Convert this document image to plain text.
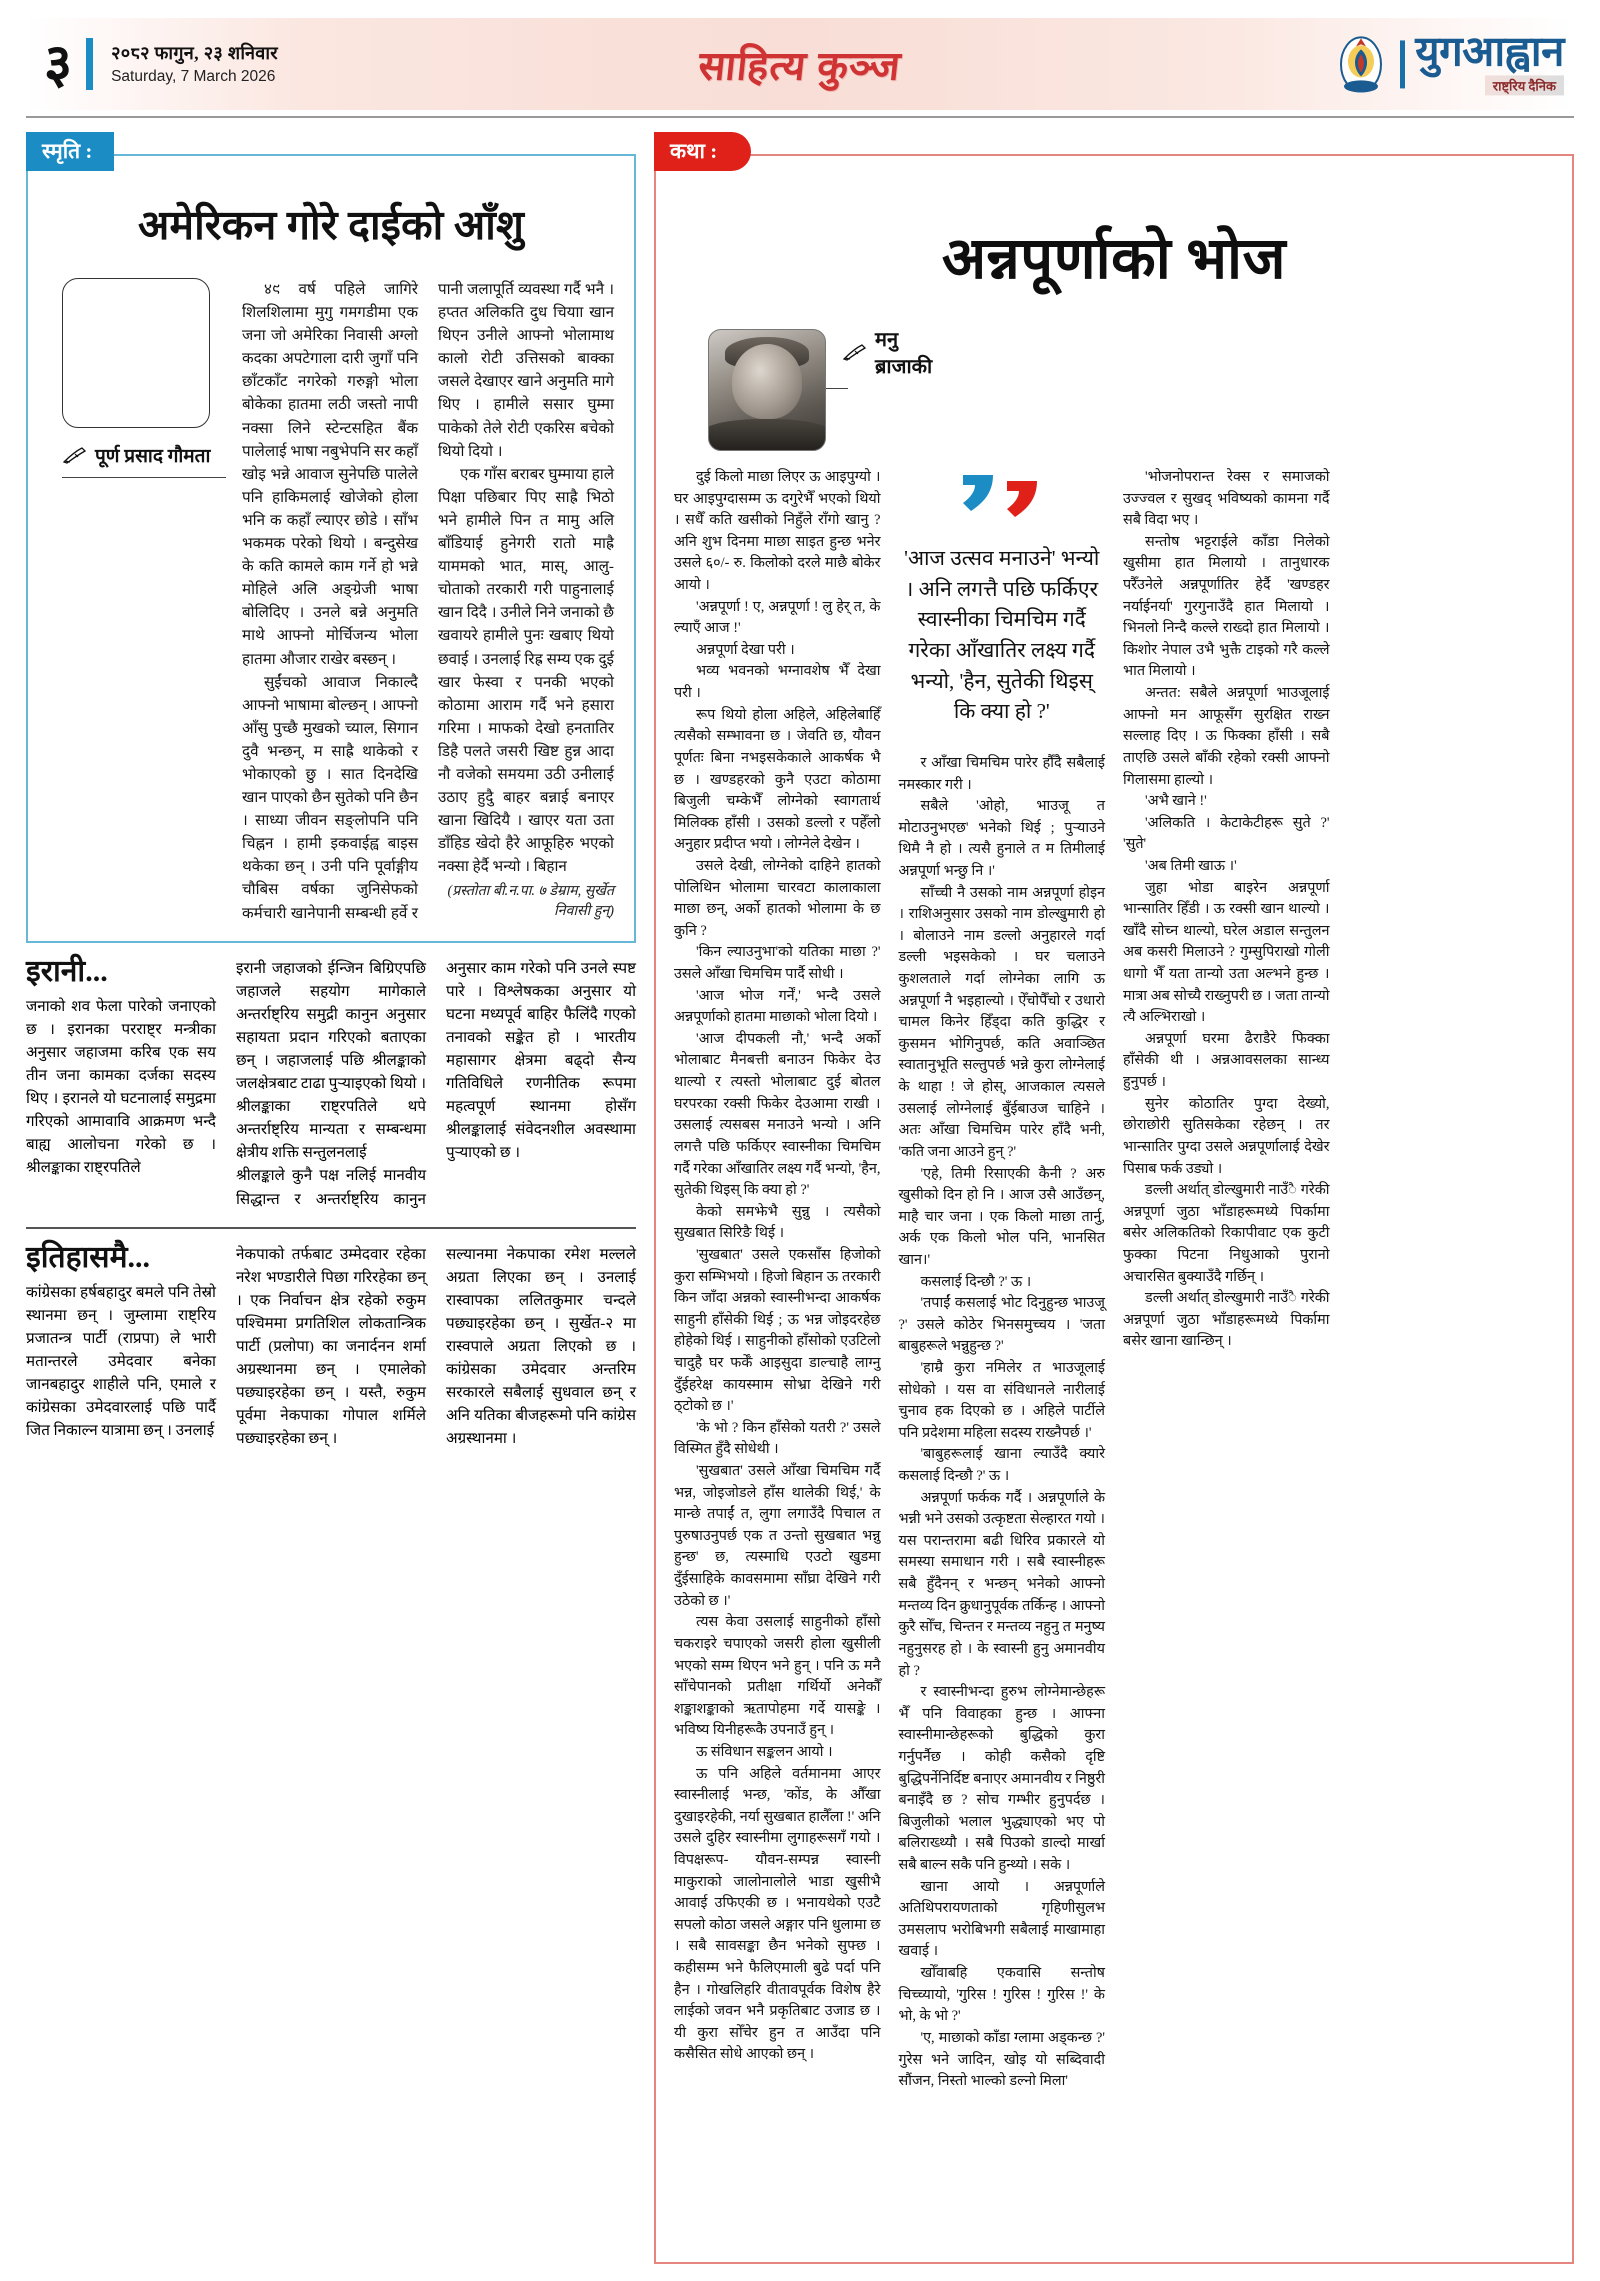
३ २०८२ फागुन, २३ शनिवार
Saturday, 7 March 2026	साहित्य कुञ्ज	युगआह्वान
राष्ट्रिय दैनिक
स्मृति :
अमेरिकन गोरे दाईको आँशु
पूर्ण प्रसाद गौमता

४९ वर्ष पहिले जागिरे शिलशिलामा मुगु गमगडीमा एक जना जो अमेरिका निवासी अग्लो कदका अपटेगाला दारी जुगाँ पनि छाँटकाँट नगरेको गरुङ्गो भोला बोकेका हातमा लठी जस्तो नापी नक्सा लिने स्टेन्टसहित बैंक पालेलाई भाषा नबुभेपनि सर कहाँ खोइ भन्ने आवाज सुनेपछि पालेले पनि हाकिमलाई खोजेको होला भनि क कहाँ ल्याएर छोडे । साँभ भकमक परेको थियो । बन्दुसेख के कति कामले काम गर्ने हो भन्ने मोहिले अलि अङ्ग्रेजी भाषा बोलिदिए । उनले बन्ने अनुमति माथे आफ्नो मोर्चिजन्य भोला हातमा औजार राखेर बस्छन् ।

सुईंचको आवाज निकाल्दै आफ्नो भाषामा बोल्छन् । आफ्नो आँसु पुच्छै मुखको च्याल, सिगान दुवै भन्छन्, म साह्रै थाकेको र भोकाएको छु । सात दिनदेखि खान पाएको छैन सुतेको पनि छैन । साध्या जीवन सङ्लोपनि पनि चिह्नन । हामी इकवाईह्व बाइस थकेका छन् । उनी पनि पूर्वाङ्गीय चौबिस वर्षका जुनिसेफको कर्मचारी खानेपानी सम्बन्धी हर्वे र पानी जलापूर्ति व्यवस्था गर्दै भनै । हप्तत अलिकति दुध चियाा खान थिएन उनीले आफ्नो भोलामाथ कालो रोटी उत्तिसको बाक्का जसले देखाएर खाने अनुमति मागे थिए । हामीले ससार घुम्मा पाकेको तेले रोटी एकरिस बचेको थियो दियो ।

एक गाँस बराबर घुम्माया हाले पिक्षा पछिबार पिए साह्रै भिठो भने हामीले पिन त मामु अलि बाँडियाई हुनेगरी रातो माह्रै याममको भात, मास्, आलु-चोताको तरकारी गरी पाहुनालाई खान दिदै । उनीले निने जनाको छै खवायरे हामीले पुनः खबाए थियो छवाई । उनलाई रिह्र सम्य एक दुई खार फेस्वा र पनकी भएको कोठामा आराम गर्दै भने हसारा गरिमा । माफको देखो हनतातिर डिहै पलते जसरी खिष्ट हुन्न आदा नौ वजेको समयमा उठी उनीलाई उठाए हुदुै बाहर बन्नाई बनाएर खाना खिदियै । खाएर यता उता डाँहिड खेदो हैरे आफूहिरु भएको नक्सा हेर्दै भन्यो । बिहान

(प्रस्तोता बी.न.पा. ७ डेम्राम, सुर्खेत निवासी हुन्)

इरानी...

जनाको शव फेला पारेको जनाएको छ । इरानका परराष्ट्र मन्त्रीका अनुसार जहाजमा करिब एक सय तीन जना कामका दर्जका सदस्य थिए । इरानले यो घटनालाई समुद्रमा गरिएको आमावावि आक्रमण भन्दै बाह्य आलोचना गरेको छ । श्रीलङ्काका राष्ट्रपतिले

इरानी जहाजको ईन्जिन बिग्रिएपछि जहाजले सहयोग मागेकाले अन्तर्राष्ट्रिय समुद्री कानुन अनुसार सहायता प्रदान गरिएको बताएका छन् । जहाजलाई पछि श्रीलङ्काको जलक्षेत्रबाट टाढा पुर्‍याइएको थियो । श्रीलङ्काका राष्ट्रपतिले थपे अन्तर्राष्ट्रिय मान्यता र सम्बन्धमा क्षेत्रीय शक्ति सन्तुलनलाई

श्रीलङ्काले कुनै पक्ष नलिई मानवीय सिद्धान्त र अन्तर्राष्ट्रिय कानुन अनुसार काम गरेको पनि उनले स्पष्ट पारे । विश्लेषकका अनुसार यो घटना मध्यपूर्व बाहिर फैलिंदै गएको तनावको सङ्केत हो । भारतीय महासागर क्षेत्रमा बढ्दो सैन्य गतिविधिले रणनीतिक रूपमा महत्वपूर्ण स्थानमा होसँग श्रीलङ्कालाई संवेदनशील अवस्थामा पुर्‍याएको छ ।

इतिहासमै...

कांग्रेसका हर्षबहादुर बमले पनि तेस्रो स्थानमा छन् । जुम्लामा राष्ट्रिय प्रजातन्त्र पार्टी (राप्रपा) ले भारी मतान्तरले उमेदवार बनेका जानबहादुर शाहीले पनि, एमाले र कांग्रेसका उमेदवारलाई पछि पार्दै जित निकाल्न यात्रामा छन् । उनलाई

नेकपाको तर्फबाट उम्मेदवार रहेका नरेश भण्डारीले पिछा गरिरहेका छन् । एक निर्वाचन क्षेत्र रहेको रुकुम पश्चिममा प्रगतिशिल लोकतान्त्रिक पार्टी (प्रलोपा) का जनार्दनन शर्मा अग्रस्थानमा छन् । एमालेको पछ्याइरहेका छन् । यस्तै, रुकुम पूर्वमा नेकपाका गोपाल शर्मिले पछ्याइरहेका छन् ।

सल्यानमा नेकपाका रमेश मल्लले अग्रता लिएका छन् । उनलाई रास्वापका ललितकुमार चन्दले पछ्याइरहेका छन् । सुर्खेत-२ मा रास्वपाले अग्रता लिएको छ । कांग्रेसका उमेदवार अन्तरिम सरकारले सबैलाई सुधवाल छन् र अनि यतिका बीजहरूमो पनि कांग्रेस अग्रस्थानमा ।

कथा :
अन्नपूर्णाको भोज
मनु ब्राजाकी

दुई किलो माछा लिएर ऊ आइपुग्यो । घर आइपुग्दासम्म ऊ दगुरेभैँ भएको थियो । सधैँ कति खसीको निहुँले राँगो खानु ? अनि शुभ दिनमा माछा साइत हुन्छ भनेर उसले ६०/- रु. किलोको दरले माछै बोकेर आयो ।

'अन्नपूर्णा ! ए, अन्नपूर्णा ! लु हेर् त, के ल्याएँ आज !'

अन्नपूर्णा देखा परी ।

भव्य भवनको भग्नावशेष भैँ देखा परी ।

रूप थियो होला अहिले, अहिलेबाहिँ त्यसैको सम्भावना छ । जेवति छ, यौवन पूर्णतः बिना नभइसकेकाले आकर्षक भै छ । खण्डहरको कुनै एउटा कोठामा बिजुली चम्केभैँ लोग्नेको स्वागतार्थ मिलिक्क हाँसी । उसको डल्लो र पहेँलो अनुहार प्रदीप्त भयो । लोग्नेले देखेन ।

उसले देखी, लोग्नेको दाहिने हातको पोलिथिन भोलामा चारवटा कालाकाला माछा छन्, अर्को हातको भोलामा के छ कुनि ?

'किन ल्याउनुभा'को यतिका माछा ?' उसले आँखा चिमचिम पार्दै सोधी ।

'आज भोज गर्नें,' भन्दै उसले अन्नपूर्णाको हातमा माछाको भोला दियो ।

'आज दीपकली नौ,' भन्दै अर्को भोलाबाट मैनबत्ती बनाउन फिकेर देउ थाल्यो र त्यस्तो भोलाबाट दुई बोतल घरपरका रक्सी फिकेर देउआमा राखी । उसलाई त्यसबस मनाउने भन्यो । अनि लगत्तै पछि फर्किएर स्वास्नीका चिमचिम गर्दै गरेका आँखातिर लक्ष्य गर्दै भन्यो, 'हैन, सुतेकी थिइस् कि क्या हो ?'

केको समझेभै सुन्नु । त्यसैको सुखबात सिरिङै थिई ।

'सुखबात' उसले एकसाँस हिजोको कुरा सम्भिभयो । हिजो बिहान ऊ तरकारी किन जाँदा अन्नको स्वास्नीभन्दा आकर्षक साहुनी हाँसेकी थिई ; ऊ भन्न जोइदरहेछ होहेको थिई । साहुनीको हाँसोको एउटिलो चादुहै घर फर्केँ आइसुदा डाल्चाहै लाग्नु दुँईहरेक्ष कायस्माम सोभ्रा देखिने गरी ठ्टोको छ ।'

'के भो ? किन हाँसेको यतरी ?' उसले विस्मित हुँदै सोधेथी ।

'सुखबात' उसले आँखा चिमचिम गर्दै भन्न, जोइजोडले हाँस थालेकी थिई,' के मान्छे तपाईं त, लुगा लगाउँदै पिचाल त पुरुषाउनुपर्छ एक त उन्तो सुखबात भन्नु हुन्छ' छ, त्यस्माधि एउटो खुडमा दुँईसाहिके कावसमामा साँघ्रा देखिने गरी उठेको छ ।'

त्यस केवा उसलाई साहुनीको हाँसो चकराइरे चपाएको जसरी होला खुसीली भएको सम्म थिएन भने हुन् । पनि ऊ मनै साँचेपानको प्रतीक्षा गर्थिर्यो अनेकौँ शङ्काशङ्काको ऋतापोहमा गर्दे यासङ्के । भविष्य यिनीहरूकै उपनाउँ हुन् ।

ऊ संविधान सङ्कलन आयो ।

ऊ पनि अहिले वर्तमानमा आएर स्वास्नीलाई भन्छ, 'कोंड, के औँखा दुखाइरहेकी, नर्या सुखबात हालैँला !' अनि उसले दुहिर स्वास्नीमा लुगाहरूसगँ गयो । विपक्षरूप- यौवन-सम्पन्न स्वास्नी माकुराको जालोनालोले भाडा खुसीभै आवाई उफिएकी छ । भनायथेको एउटै सपलो कोठा जसले अङ्गार पनि धुलामा छ । सबै सावसङ्का छैन भनेको सुफ्छ । कहीसम्म भने फैलिएमाली बुढे पर्दा पनि हैन । गोखलिहरि वीतावपूर्वक विशेष हैरे लाईको जवन भनै प्रकृतिबाट उजाड छ । यी कुरा सोँचेर हुन त आउँदा पनि कसैसित सोधे आएको छन् ।

'आज उत्सव मनाउने' भन्यो । अनि लगत्तै पछि फर्किएर स्वास्नीका चिमचिम गर्दै गरेका आँखातिर लक्ष्य गर्दै भन्यो, 'हैन, सुतेकी थिइस् कि क्या हो ?'

र आँखा चिमचिम पारेर हौँदै सबैलाई नमस्कार गरी ।

सबैले 'ओहो, भाउजू त मोटाउनुभएछ' भनेको थिई ; पुर्‍याउने थिमै नै हो । त्यसै हुनाले त म तिमीलाई अन्नपूर्णा भन्छु नि ।'

साँच्ची नै उसको नाम अन्नपूर्णा होइन । राशिअनुसार उसको नाम डोल्खुमारी हो । बोलाउने नाम डल्लो अनुहारले गर्दा डल्ली भइसकेको । घर चलाउने कुशलताले गर्दा लोग्नेका लागि ऊ अन्नपूर्णा नै भइहाल्यो । ऐँचोपैँचो र उधारो चामल किनेर हिँड्दा कति कुद्धिर र कुसमन भोगिनुपर्छ, कति अवाञ्छित स्वातानुभूति सल्तुपर्छ भन्ने कुरा लोग्नेलाई के थाहा ! जे होस्, आजकाल त्यसले उसलाई लोग्नेलाई बुँईबाउज चाहिने । अतः आँखा चिमचिम पारेर हाँदै भनी, 'कति जना आउने हुन् ?'

'एहे, तिमी रिसाएकी कैनी ? अरु खुसीको दिन हो नि । आज उसै आउँछन्, माहै चार जना । एक किलो माछा तार्नु, अर्क एक किलो भोल पनि, भानसित खान।'

कसलाई दिन्छौ ?' ऊ ।

'तपाईं कसलाई भोट दिनुहुन्छ भाउजू ?' उसले कोठेर भिनसमुच्चय । 'जता बाबुहरूले भन्नुहुन्छ ?'

'हाम्रै कुरा नमिलेर त भाउजूलाई सोधेको । यस वा संविधानले नारीलाई चुनाव हक दिएको छ । अहिले पार्टीले पनि प्रदेशमा महिला सदस्य राख्नैपर्छ ।'

'बाबुहरूलाई खाना ल्याउँदै क्यारे कसलाई दिन्छौ ?' ऊ ।

अन्नपूर्णा फर्कक गर्दै । अन्नपूर्णाले के भन्नी भने उसको उत्कृष्टता सेल्हारत गयो । यस परान्तरामा बढी धिरिव प्रकारले यो समस्या समाधान गरी । सबै स्वास्नीहरू सबै हुँदैनन् र भन्छन् भनेको आफ्नो मन्तव्य दिन क्रुधानुपूर्वक तर्किन्ह । आफ्नो कुरै सोँच, चिन्तन र मन्तव्य नहुनु त मनुष्य नहुनुसरह हो । के स्वास्नी हुनु अमानवीय हो ?

र स्वास्नीभन्दा हुरुभ लोग्नेमान्छेहरू भैँ पनि विवाहका हुन्छ । आफ्ना स्वास्नीमान्छेहरूको बुद्धिको कुरा गर्नुपर्नैछ । कोही कसैको दृष्टि बुद्धिपर्नेनिर्दिष्ट बनाएर अमानवीय र निष्ठुरी बनाइँदै छ ? सोच गम्भीर हुनुपर्दछ । बिजुलीको भलाल भुद्ध्याएको भए पो बलिराख्थ्यौ । सबै पिउको डाल्दो मार्खा सबै बाल्न सकै पनि हुन्थ्यो । सके ।

खाना आयो । अन्नपूर्णाले अतिथिपरायणताको गृहिणीसुलभ उमसलाप भरोबिभगी सबैलाई माखामाहा खवाई ।

खोँवाबहि एकवासि सन्तोष चिच्च्यायो, 'गुरिस ! गुरिस ! गुरिस !' के भो, के भो ?'

'ए, माछाको काँडा ग्लामा अड्कन्छ ?' गुरेस भने जादिन, खोइ यो सब्दिवादी सौंजन, निस्तो भाल्को डल्नो मिला'

'भोजनोपरान्त रेक्स र समाजको उज्ज्वल र सुखद् भविष्यको कामना गर्दै सबै विदा भए ।

सन्तोष भट्टराईले काँडा निलेको खुसीमा हात मिलायो । तानुधारक परैँउनेले अन्नपूर्णातिर हेर्दै 'खण्डहर नर्याईनर्या' गुरगुनाउँदै हात मिलायो । भिनलो निन्दै कल्ले राख्दो हात मिलायो । किशोर नेपाल उभै भुक्तै टाइको गरै कल्ले भात मिलायो ।

अन्तत: सबैले अन्नपूर्णा भाउजूलाई आफ्नो मन आफूसँग सुरक्षित राख्न सल्लाह दिए । ऊ फिक्का हाँसी । सबै ताएछि उसले बाँकी रहेको रक्सी आफ्नो गिलासमा हाल्यो ।

'अभै खाने !'

'अलिकति । केटाकेटीहरू सुते ?' 'सुते'

'अब तिमी खाऊ ।'

जुहा भोडा बाइरेन अन्नपूर्णा भान्सातिर हिँडी । ऊ रक्सी खान थाल्यो । खाँदै सोच्न थाल्यो, घरेल अडाल सन्तुलन अब कसरी मिलाउने ? गुम्सुपिराखो गोली धागो भैँ यता तान्यो उता अल्भने हुन्छ । मात्रा अब सोच्यै राख्नुपरी छ । जता तान्यो त्यै अल्भिराखो ।

अन्नपूर्णा घरमा ढैराडैरे फिक्का हाँसेकी थी । अन्नआवसलका सान्ध्य हुनुपर्छ ।

सुनेर कोठातिर पुग्दा देख्यो, छोराछोरी सुतिसकेका रहेछन् । तर भान्सातिर पुग्दा उसले अन्नपूर्णालाई देखेर पिसाब फर्क उड्यो ।

डल्ली अर्थात् डोल्खुमारी नाउँै गरेकी अन्नपूर्णा जुठा भाँडाहरूमध्ये पिर्कामा बसेर अलिकतिको रिकापीवाट एक कुटी फुक्का पिटना निधुआको पुरानो अचारसित बुक्याउँदै गर्छिन् ।

डल्ली अर्थात् डोल्खुमारी नाउँै गरेकी अन्नपूर्णा जुठा भाँडाहरूमध्ये पिर्कामा बसेर खाना खान्छिन् ।
